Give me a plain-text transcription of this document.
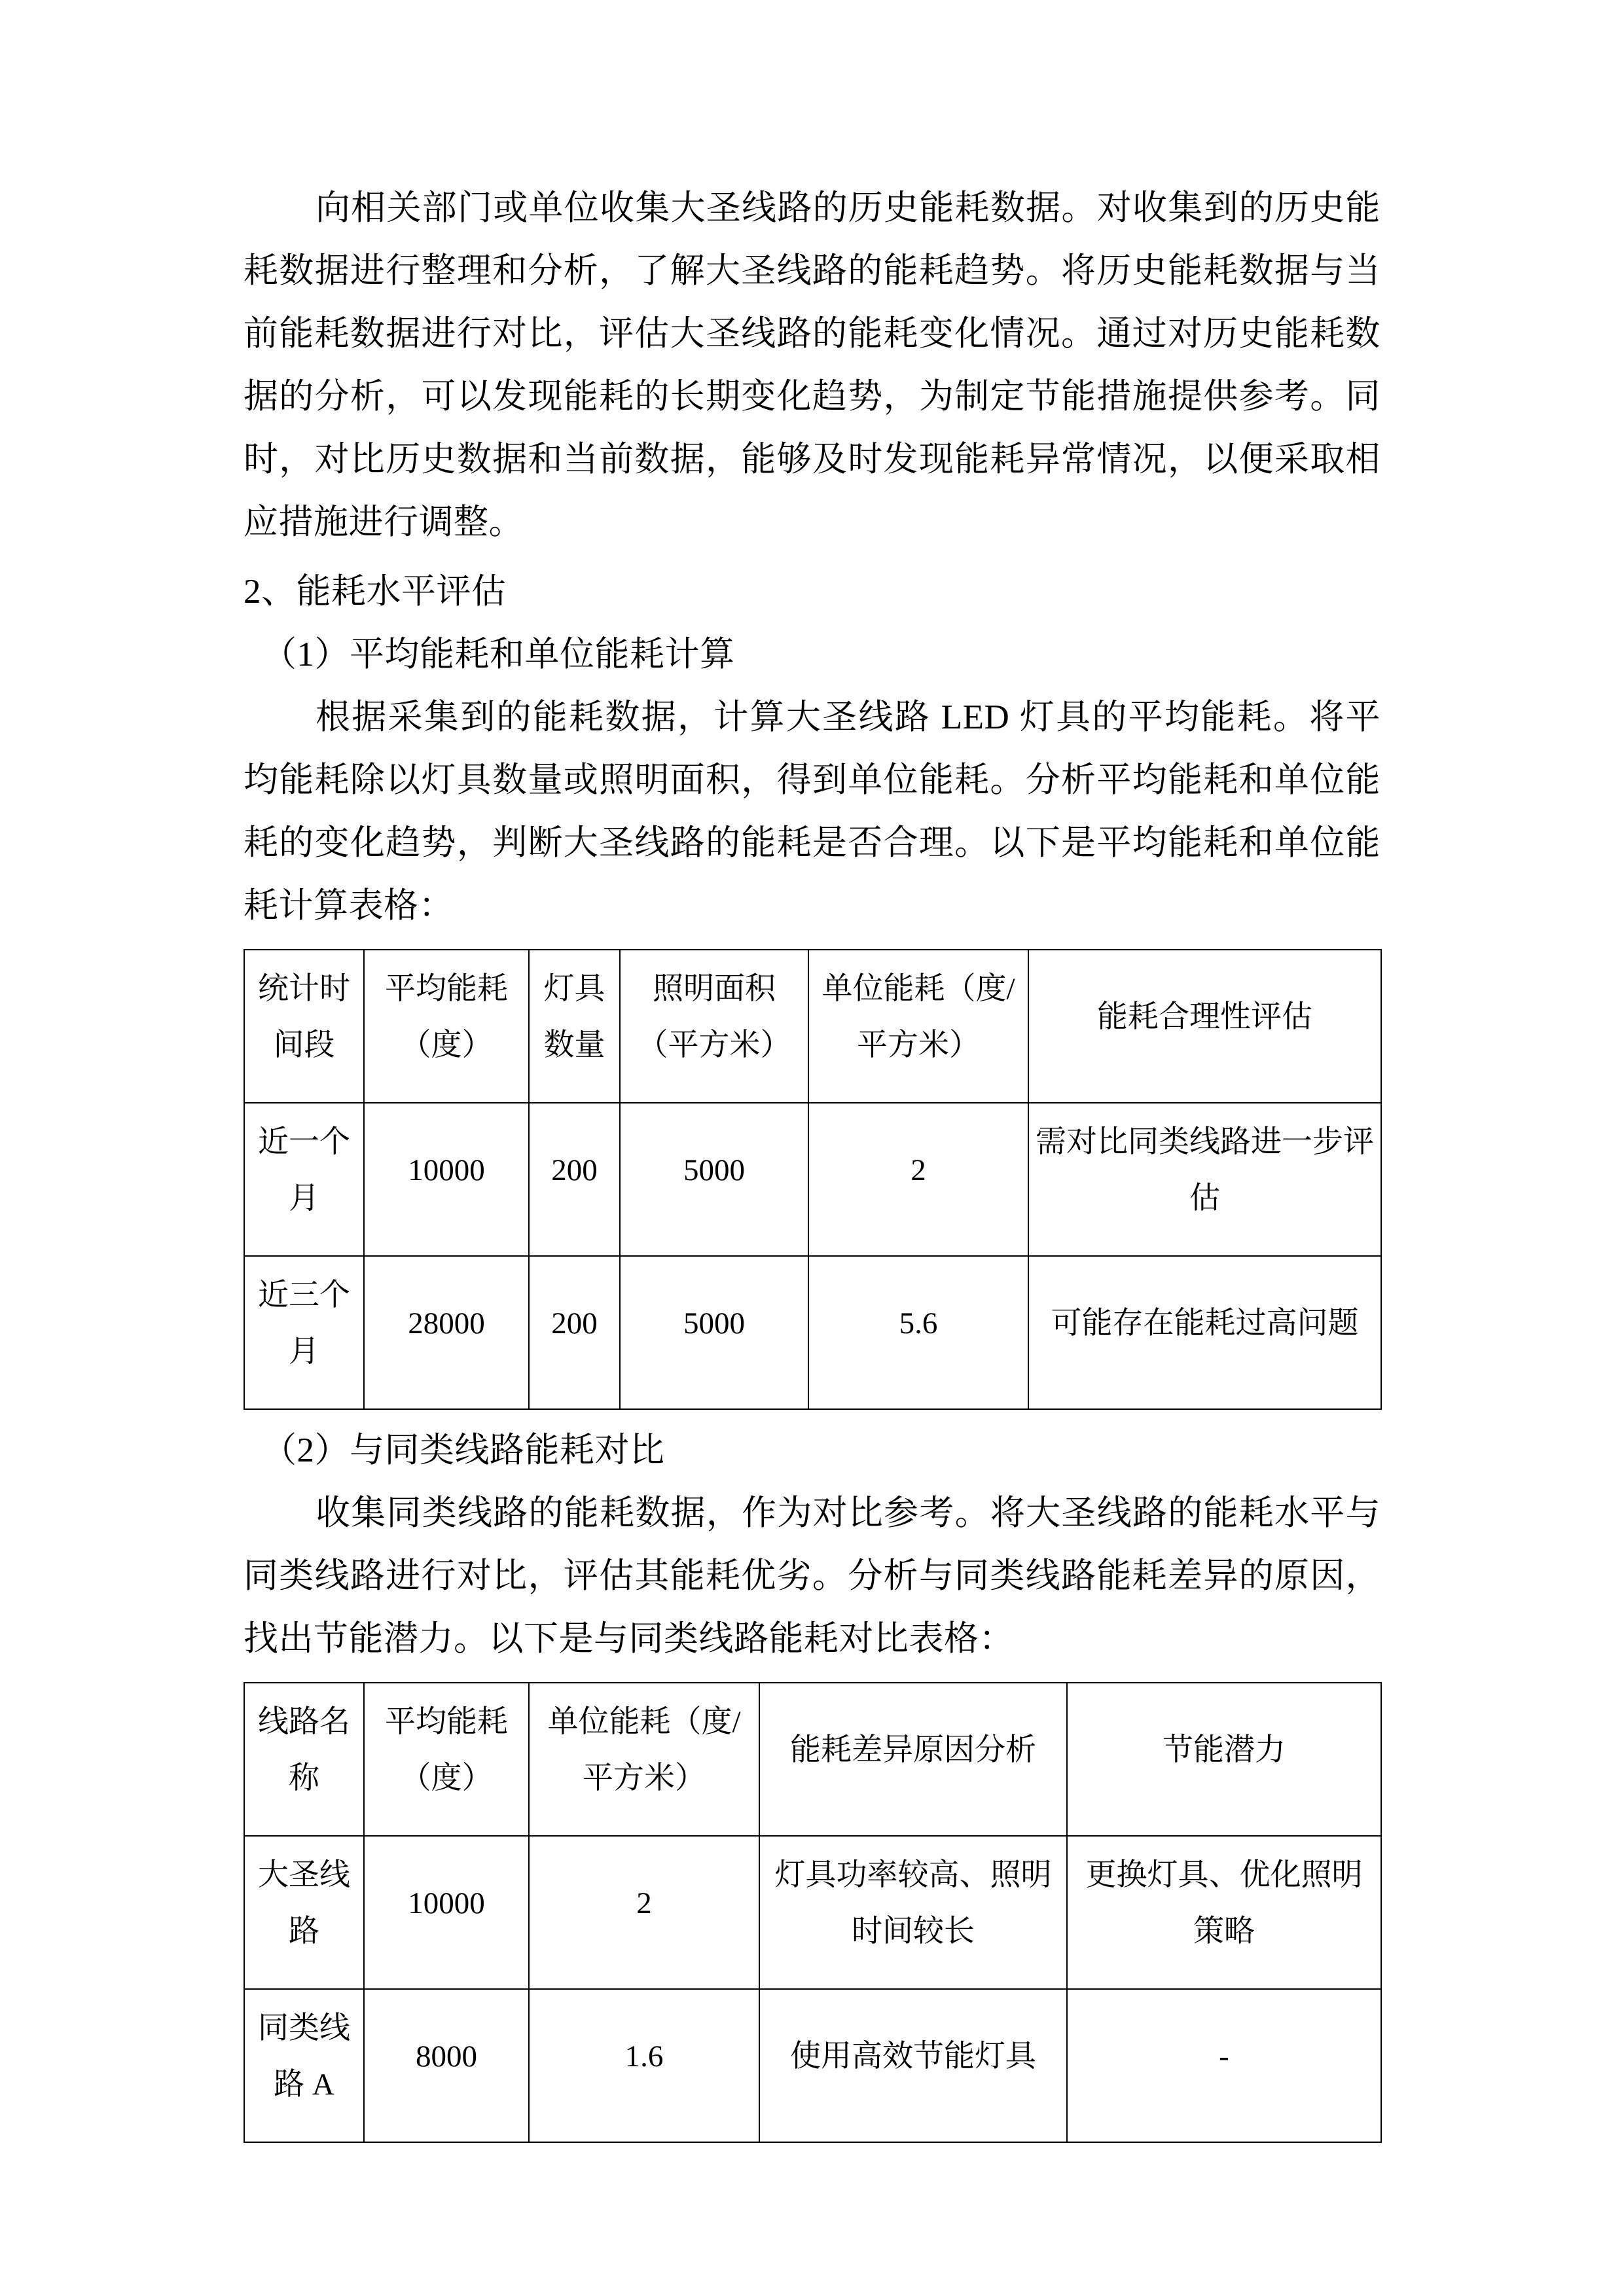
向相关部门或单位收集大圣线路的历史能耗数据。对收集到的历史能耗数据进行整理和分析，了解大圣线路的能耗趋势。将历史能耗数据与当前能耗数据进行对比，评估大圣线路的能耗变化情况。通过对历史能耗数据的分析，可以发现能耗的长期变化趋势，为制定节能措施提供参考。同时，对比历史数据和当前数据，能够及时发现能耗异常情况，以便采取相应措施进行调整。

2、能耗水平评估

（1）平均能耗和单位能耗计算

根据采集到的能耗数据，计算大圣线路 LED 灯具的平均能耗。将平均能耗除以灯具数量或照明面积，得到单位能耗。分析平均能耗和单位能耗的变化趋势，判断大圣线路的能耗是否合理。以下是平均能耗和单位能耗计算表格：

统计时间段	平均能耗（度）	灯具数量	照明面积（平方米）	单位能耗（度/平方米）	能耗合理性评估
近一个月	10000	200	5000	2	需对比同类线路进一步评估
近三个月	28000	200	5000	5.6	可能存在能耗过高问题

（2）与同类线路能耗对比

收集同类线路的能耗数据，作为对比参考。将大圣线路的能耗水平与同类线路进行对比，评估其能耗优劣。分析与同类线路能耗差异的原因，找出节能潜力。以下是与同类线路能耗对比表格：

线路名称	平均能耗（度）	单位能耗（度/平方米）	能耗差异原因分析	节能潜力
大圣线路	10000	2	灯具功率较高、照明时间较长	更换灯具、优化照明策略
同类线路 A	8000	1.6	使用高效节能灯具	-
